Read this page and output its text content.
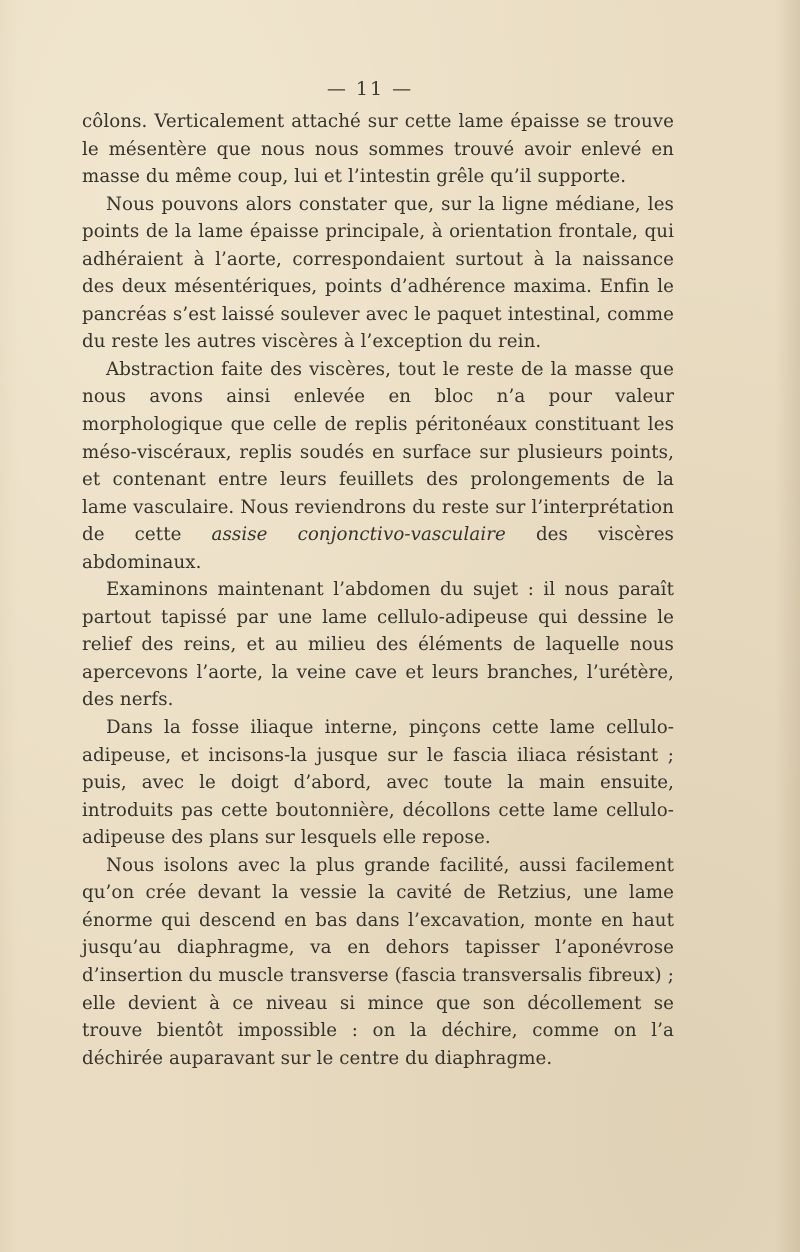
— 11 —

côlons. Verticalement attaché sur cette lame épaisse se trouve le mésentère que nous nous sommes trouvé avoir enlevé en masse du même coup, lui et l’intestin grêle qu’il supporte.

Nous pouvons alors constater que, sur la ligne médiane, les points de la lame épaisse principale, à orientation frontale, qui adhéraient à l’aorte, correspondaient surtout à la naissance des deux mésentériques, points d’adhérence maxima. Enfin le pancréas s’est laissé soulever avec le paquet intestinal, comme du reste les autres viscères à l’exception du rein.

Abstraction faite des viscères, tout le reste de la masse que nous avons ainsi enlevée en bloc n’a pour valeur morphologique que celle de replis péritonéaux constituant les méso-viscéraux, replis soudés en surface sur plusieurs points, et contenant entre leurs feuillets des prolongements de la lame vasculaire. Nous reviendrons du reste sur l’interprétation de cette assise conjonctivo-vasculaire des viscères abdominaux.

Examinons maintenant l’abdomen du sujet : il nous paraît partout tapissé par une lame cellulo-adipeuse qui dessine le relief des reins, et au milieu des éléments de laquelle nous apercevons l’aorte, la veine cave et leurs branches, l’urétère, des nerfs.

Dans la fosse iliaque interne, pinçons cette lame cellulo-adipeuse, et incisons-la jusque sur le fascia iliaca résistant ; puis, avec le doigt d’abord, avec toute la main ensuite, introduits pas cette boutonnière, décollons cette lame cellulo-adipeuse des plans sur lesquels elle repose.

Nous isolons avec la plus grande facilité, aussi facilement qu’on crée devant la vessie la cavité de Retzius, une lame énorme qui descend en bas dans l’excavation, monte en haut jusqu’au diaphragme, va en dehors tapisser l’aponévrose d’insertion du muscle transverse (fascia transversalis fibreux) ; elle devient à ce niveau si mince que son décollement se trouve bientôt impossible : on la déchire, comme on l’a déchirée auparavant sur le centre du diaphragme.
